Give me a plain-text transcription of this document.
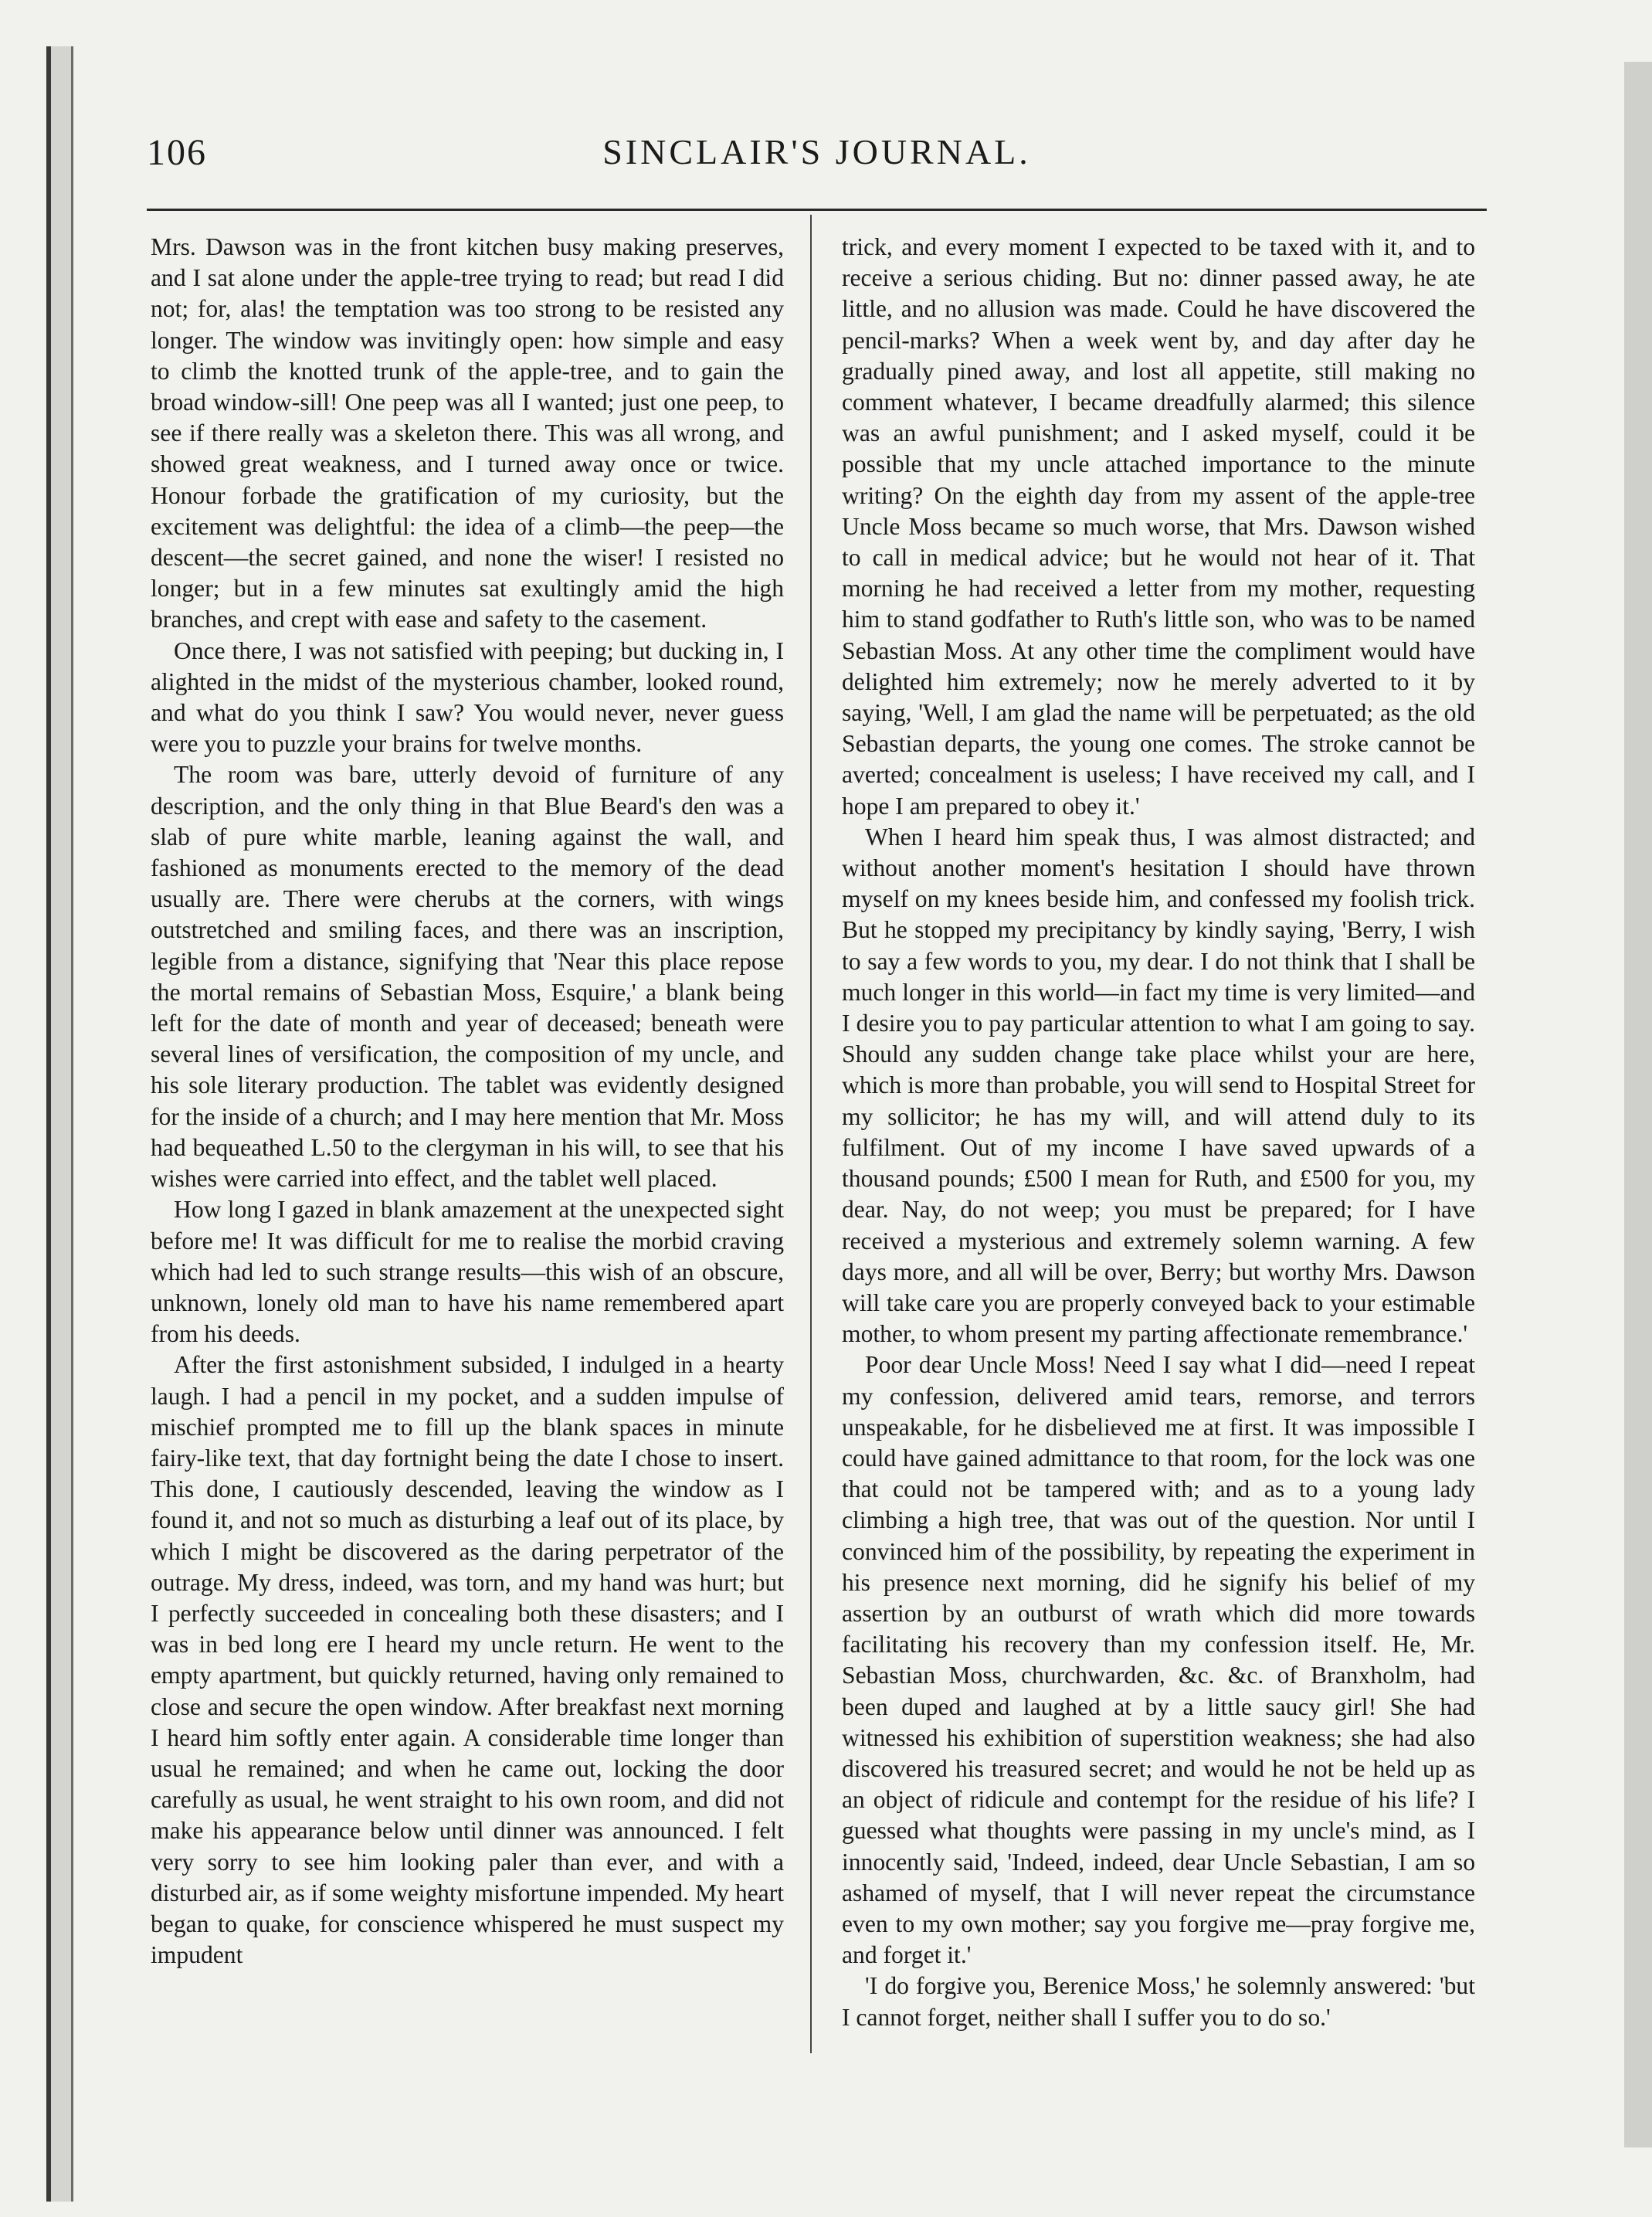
106	SINCLAIR'S JOURNAL.

Mrs. Dawson was in the front kitchen busy making preserves, and I sat alone under the apple-tree trying to read; but read I did not; for, alas! the temptation was too strong to be resisted any longer. The window was invitingly open: how simple and easy to climb the knotted trunk of the apple-tree, and to gain the broad window-sill! One peep was all I wanted; just one peep, to see if there really was a skeleton there. This was all wrong, and showed great weakness, and I turned away once or twice. Honour forbade the gratification of my curiosity, but the excitement was delightful: the idea of a climb—the peep—the descent—the secret gained, and none the wiser! I resisted no longer; but in a few minutes sat exultingly amid the high branches, and crept with ease and safety to the casement.

Once there, I was not satisfied with peeping; but ducking in, I alighted in the midst of the mysterious chamber, looked round, and what do you think I saw? You would never, never guess were you to puzzle your brains for twelve months.

The room was bare, utterly devoid of furniture of any description, and the only thing in that Blue Beard's den was a slab of pure white marble, leaning against the wall, and fashioned as monuments erected to the memory of the dead usually are. There were cherubs at the corners, with wings outstretched and smiling faces, and there was an inscription, legible from a distance, signifying that 'Near this place repose the mortal remains of Sebastian Moss, Esquire,' a blank being left for the date of month and year of deceased; beneath were several lines of versification, the composition of my uncle, and his sole literary production. The tablet was evidently designed for the inside of a church; and I may here mention that Mr. Moss had bequeathed L.50 to the clergyman in his will, to see that his wishes were carried into effect, and the tablet well placed.

How long I gazed in blank amazement at the unexpected sight before me! It was difficult for me to realise the morbid craving which had led to such strange results—this wish of an obscure, unknown, lonely old man to have his name remembered apart from his deeds.

After the first astonishment subsided, I indulged in a hearty laugh. I had a pencil in my pocket, and a sudden impulse of mischief prompted me to fill up the blank spaces in minute fairy-like text, that day fortnight being the date I chose to insert. This done, I cautiously descended, leaving the window as I found it, and not so much as disturbing a leaf out of its place, by which I might be discovered as the daring perpetrator of the outrage. My dress, indeed, was torn, and my hand was hurt; but I perfectly succeeded in concealing both these disasters; and I was in bed long ere I heard my uncle return. He went to the empty apartment, but quickly returned, having only remained to close and secure the open window. After breakfast next morning I heard him softly enter again. A considerable time longer than usual he remained; and when he came out, locking the door carefully as usual, he went straight to his own room, and did not make his appearance below until dinner was announced. I felt very sorry to see him looking paler than ever, and with a disturbed air, as if some weighty misfortune impended. My heart began to quake, for conscience whispered he must suspect my impudent

trick, and every moment I expected to be taxed with it, and to receive a serious chiding. But no: dinner passed away, he ate little, and no allusion was made. Could he have discovered the pencil-marks? When a week went by, and day after day he gradually pined away, and lost all appetite, still making no comment whatever, I became dreadfully alarmed; this silence was an awful punishment; and I asked myself, could it be possible that my uncle attached importance to the minute writing? On the eighth day from my assent of the apple-tree Uncle Moss became so much worse, that Mrs. Dawson wished to call in medical advice; but he would not hear of it. That morning he had received a letter from my mother, requesting him to stand godfather to Ruth's little son, who was to be named Sebastian Moss. At any other time the compliment would have delighted him extremely; now he merely adverted to it by saying, 'Well, I am glad the name will be perpetuated; as the old Sebastian departs, the young one comes. The stroke cannot be averted; concealment is useless; I have received my call, and I hope I am prepared to obey it.'

When I heard him speak thus, I was almost distracted; and without another moment's hesitation I should have thrown myself on my knees beside him, and confessed my foolish trick. But he stopped my precipitancy by kindly saying, 'Berry, I wish to say a few words to you, my dear. I do not think that I shall be much longer in this world—in fact my time is very limited—and I desire you to pay particular attention to what I am going to say. Should any sudden change take place whilst your are here, which is more than probable, you will send to Hospital Street for my sollicitor; he has my will, and will attend duly to its fulfilment. Out of my income I have saved upwards of a thousand pounds; £500 I mean for Ruth, and £500 for you, my dear. Nay, do not weep; you must be prepared; for I have received a mysterious and extremely solemn warning. A few days more, and all will be over, Berry; but worthy Mrs. Dawson will take care you are properly conveyed back to your estimable mother, to whom present my parting affectionate remembrance.'

Poor dear Uncle Moss! Need I say what I did—need I repeat my confession, delivered amid tears, remorse, and terrors unspeakable, for he disbelieved me at first. It was impossible I could have gained admittance to that room, for the lock was one that could not be tampered with; and as to a young lady climbing a high tree, that was out of the question. Nor until I convinced him of the possibility, by repeating the experiment in his presence next morning, did he signify his belief of my assertion by an outburst of wrath which did more towards facilitating his recovery than my confession itself. He, Mr. Sebastian Moss, churchwarden, &c. &c. of Branxholm, had been duped and laughed at by a little saucy girl! She had witnessed his exhibition of superstition weakness; she had also discovered his treasured secret; and would he not be held up as an object of ridicule and contempt for the residue of his life? I guessed what thoughts were passing in my uncle's mind, as I innocently said, 'Indeed, indeed, dear Uncle Sebastian, I am so ashamed of myself, that I will never repeat the circumstance even to my own mother; say you forgive me—pray forgive me, and forget it.'

'I do forgive you, Berenice Moss,' he solemnly answered: 'but I cannot forget, neither shall I suffer you to do so.'
